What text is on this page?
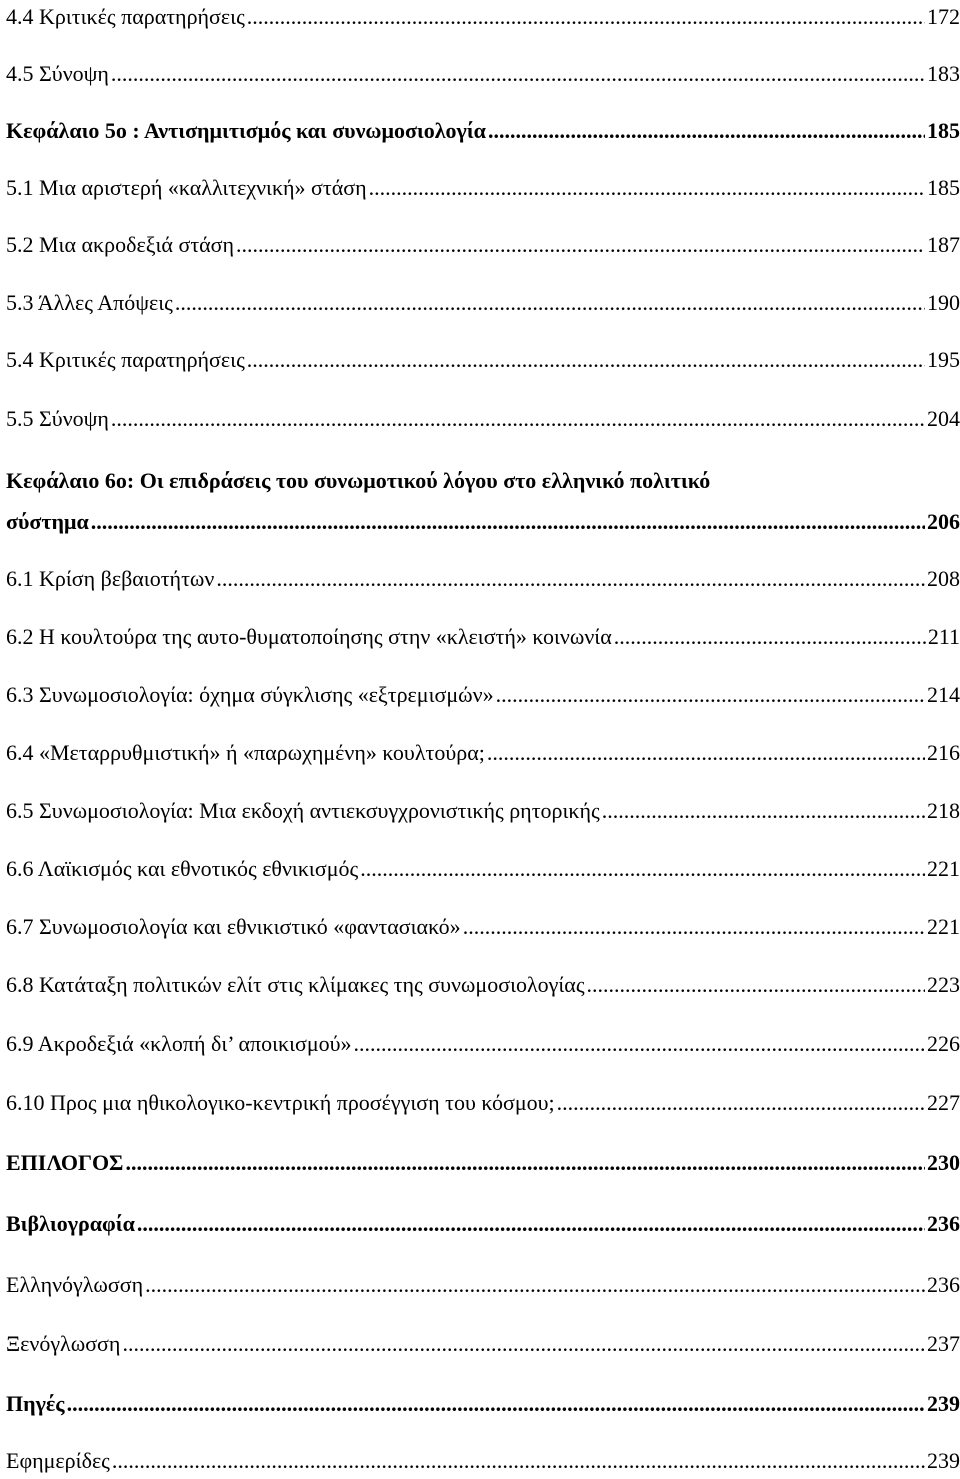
4.4 Κριτικές παρατηρήσεις .....	172
4.5 Σύνοψη .....	183
Κεφάλαιο 5ο : Αντισημιτισμός και συνωμοσιολογία .....	185
5.1 Μια αριστερή «καλλιτεχνική» στάση .....	185
5.2 Μια ακροδεξιά στάση .....	187
5.3 Άλλες Απόψεις .....	190
5.4 Κριτικές παρατηρήσεις .....	195
5.5 Σύνοψη .....	204
Κεφάλαιο 6ο: Οι επιδράσεις του συνωμοτικού λόγου στο ελληνικό πολιτικό
σύστημα .....	206
6.1 Κρίση βεβαιοτήτων .....	208
6.2 Η κουλτούρα της αυτο-θυματοποίησης στην «κλειστή» κοινωνία .....	211
6.3 Συνωμοσιολογία: όχημα σύγκλισης «εξτρεμισμών» .....	214
6.4 «Μεταρρυθμιστική» ή «παρωχημένη» κουλτούρα; .....	216
6.5 Συνωμοσιολογία: Μια εκδοχή αντιεκσυγχρονιστικής ρητορικής .....	218
6.6 Λαϊκισμός και εθνοτικός εθνικισμός .....	221
6.7 Συνωμοσιολογία και εθνικιστικό «φαντασιακό» .....	221
6.8 Κατάταξη πολιτικών ελίτ στις κλίμακες της συνωμοσιολογίας .....	223
6.9 Ακροδεξιά «κλοπή δι’ αποικισμού» .....	226
6.10 Προς μια ηθικολογικο-κεντρική προσέγγιση του κόσμου; .....	227
ΕΠΙΛΟΓΟΣ .....	230
Βιβλιογραφία .....	236
Ελληνόγλωσση .....	236
Ξενόγλωσση .....	237
Πηγές .....	239
Εφημερίδες .....	239
